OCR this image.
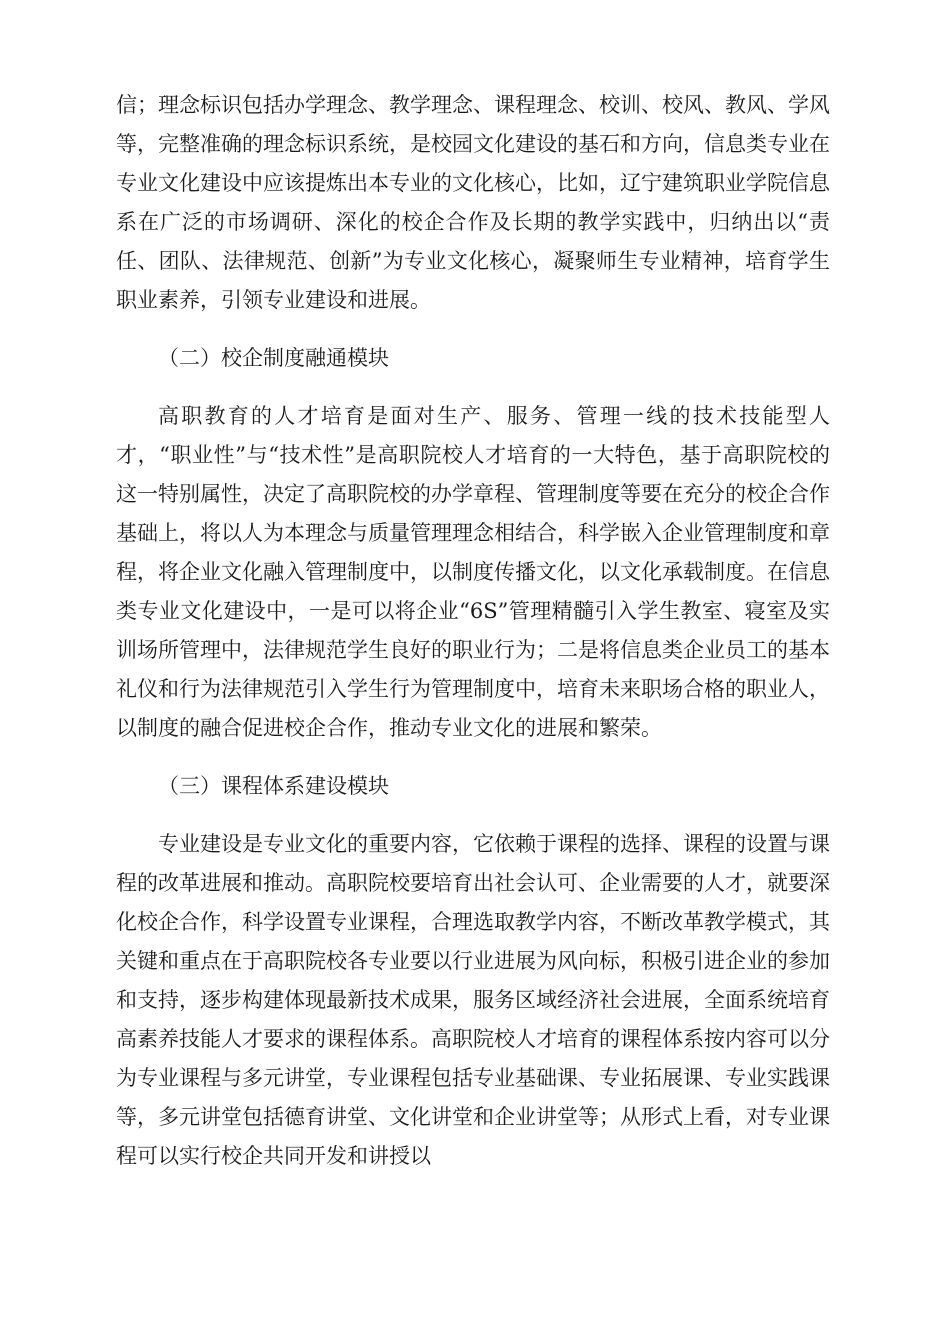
信；理念标识包括办学理念、教学理念、课程理念、校训、校风、教风、学风等，完整准确的理念标识系统，是校园文化建设的基石和方向，信息类专业在专业文化建设中应该提炼出本专业的文化核心，比如，辽宁建筑职业学院信息系在广泛的市场调研、深化的校企合作及长期的教学实践中，归纳出以“责任、团队、法律规范、创新”为专业文化核心，凝聚师生专业精神，培育学生职业素养，引领专业建设和进展。

（二）校企制度融通模块

高职教育的人才培育是面对生产、服务、管理一线的技术技能型人才，“职业性”与“技术性”是高职院校人才培育的一大特色，基于高职院校的这一特别属性，决定了高职院校的办学章程、管理制度等要在充分的校企合作基础上，将以人为本理念与质量管理理念相结合，科学嵌入企业管理制度和章程，将企业文化融入管理制度中，以制度传播文化，以文化承载制度。在信息类专业文化建设中，一是可以将企业“6S”管理精髓引入学生教室、寝室及实训场所管理中，法律规范学生良好的职业行为；二是将信息类企业员工的基本礼仪和行为法律规范引入学生行为管理制度中，培育未来职场合格的职业人，以制度的融合促进校企合作，推动专业文化的进展和繁荣。

（三）课程体系建设模块

专业建设是专业文化的重要内容，它依赖于课程的选择、课程的设置与课程的改革进展和推动。高职院校要培育出社会认可、企业需要的人才，就要深化校企合作，科学设置专业课程，合理选取教学内容，不断改革教学模式，其关键和重点在于高职院校各专业要以行业进展为风向标，积极引进企业的参加和支持，逐步构建体现最新技术成果，服务区域经济社会进展，全面系统培育高素养技能人才要求的课程体系。高职院校人才培育的课程体系按内容可以分为专业课程与多元讲堂，专业课程包括专业基础课、专业拓展课、专业实践课等，多元讲堂包括德育讲堂、文化讲堂和企业讲堂等；从形式上看，对专业课程可以实行校企共同开发和讲授以
